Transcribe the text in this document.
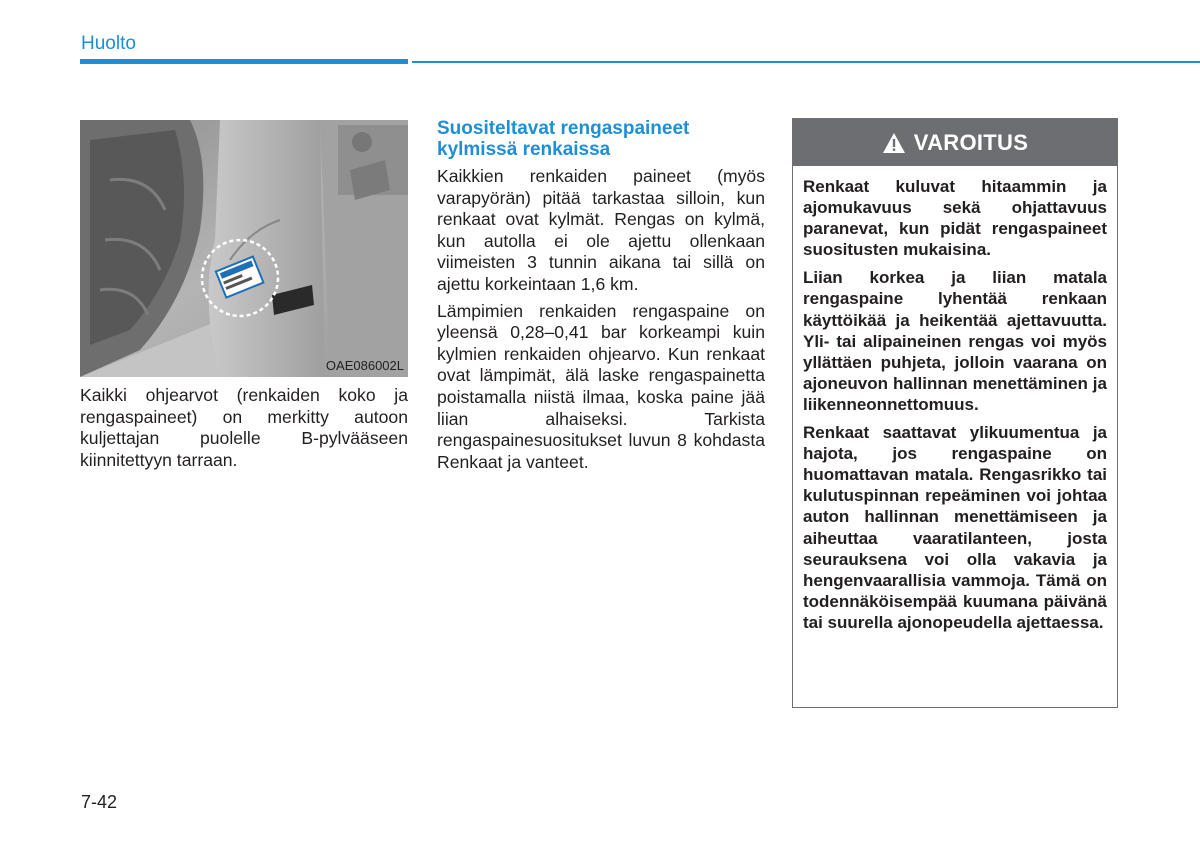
Huolto
OAE086002L
Kaikki ohjearvot (renkaiden koko ja rengaspaineet) on merkitty autoon kuljettajan puolelle B-pylvääseen kiinnitettyyn tarraan.
Suositeltavat rengaspaineet kylmissä renkaissa

Kaikkien renkaiden paineet (myös varapyörän) pitää tarkastaa silloin, kun renkaat ovat kylmät. Rengas on kylmä, kun autolla ei ole ajettu ollenkaan viimeisten 3 tunnin aikana tai sillä on ajettu korkeintaan 1,6 km.

Lämpimien renkaiden rengaspaine on yleensä 0,28–0,41 bar korkeampi kuin kylmien renkaiden ohjearvo. Kun renkaat ovat lämpimät, älä laske rengaspainetta poistamalla niistä ilmaa, koska paine jää liian alhaiseksi. Tarkista rengaspainesuositukset luvun 8 kohdasta Renkaat ja vanteet.

VAROITUS

Renkaat kuluvat hitaammin ja ajomukavuus sekä ohjattavuus paranevat, kun pidät rengaspaineet suositusten mukaisina.

Liian korkea ja liian matala rengaspaine lyhentää renkaan käyttöikää ja heikentää ajettavuutta. Yli- tai alipaineinen rengas voi myös yllättäen puhjeta, jolloin vaarana on ajoneuvon hallinnan menettäminen ja liikenneonnettomuus.

Renkaat saattavat ylikuumentua ja hajota, jos rengaspaine on huomattavan matala. Rengasrikko tai kulutuspinnan repeäminen voi johtaa auton hallinnan menettämiseen ja aiheuttaa vaaratilanteen, josta seurauksena voi olla vakavia ja hengenvaarallisia vammoja. Tämä on todennäköisempää kuumana päivänä tai suurella ajonopeudella ajettaessa.

7-42
